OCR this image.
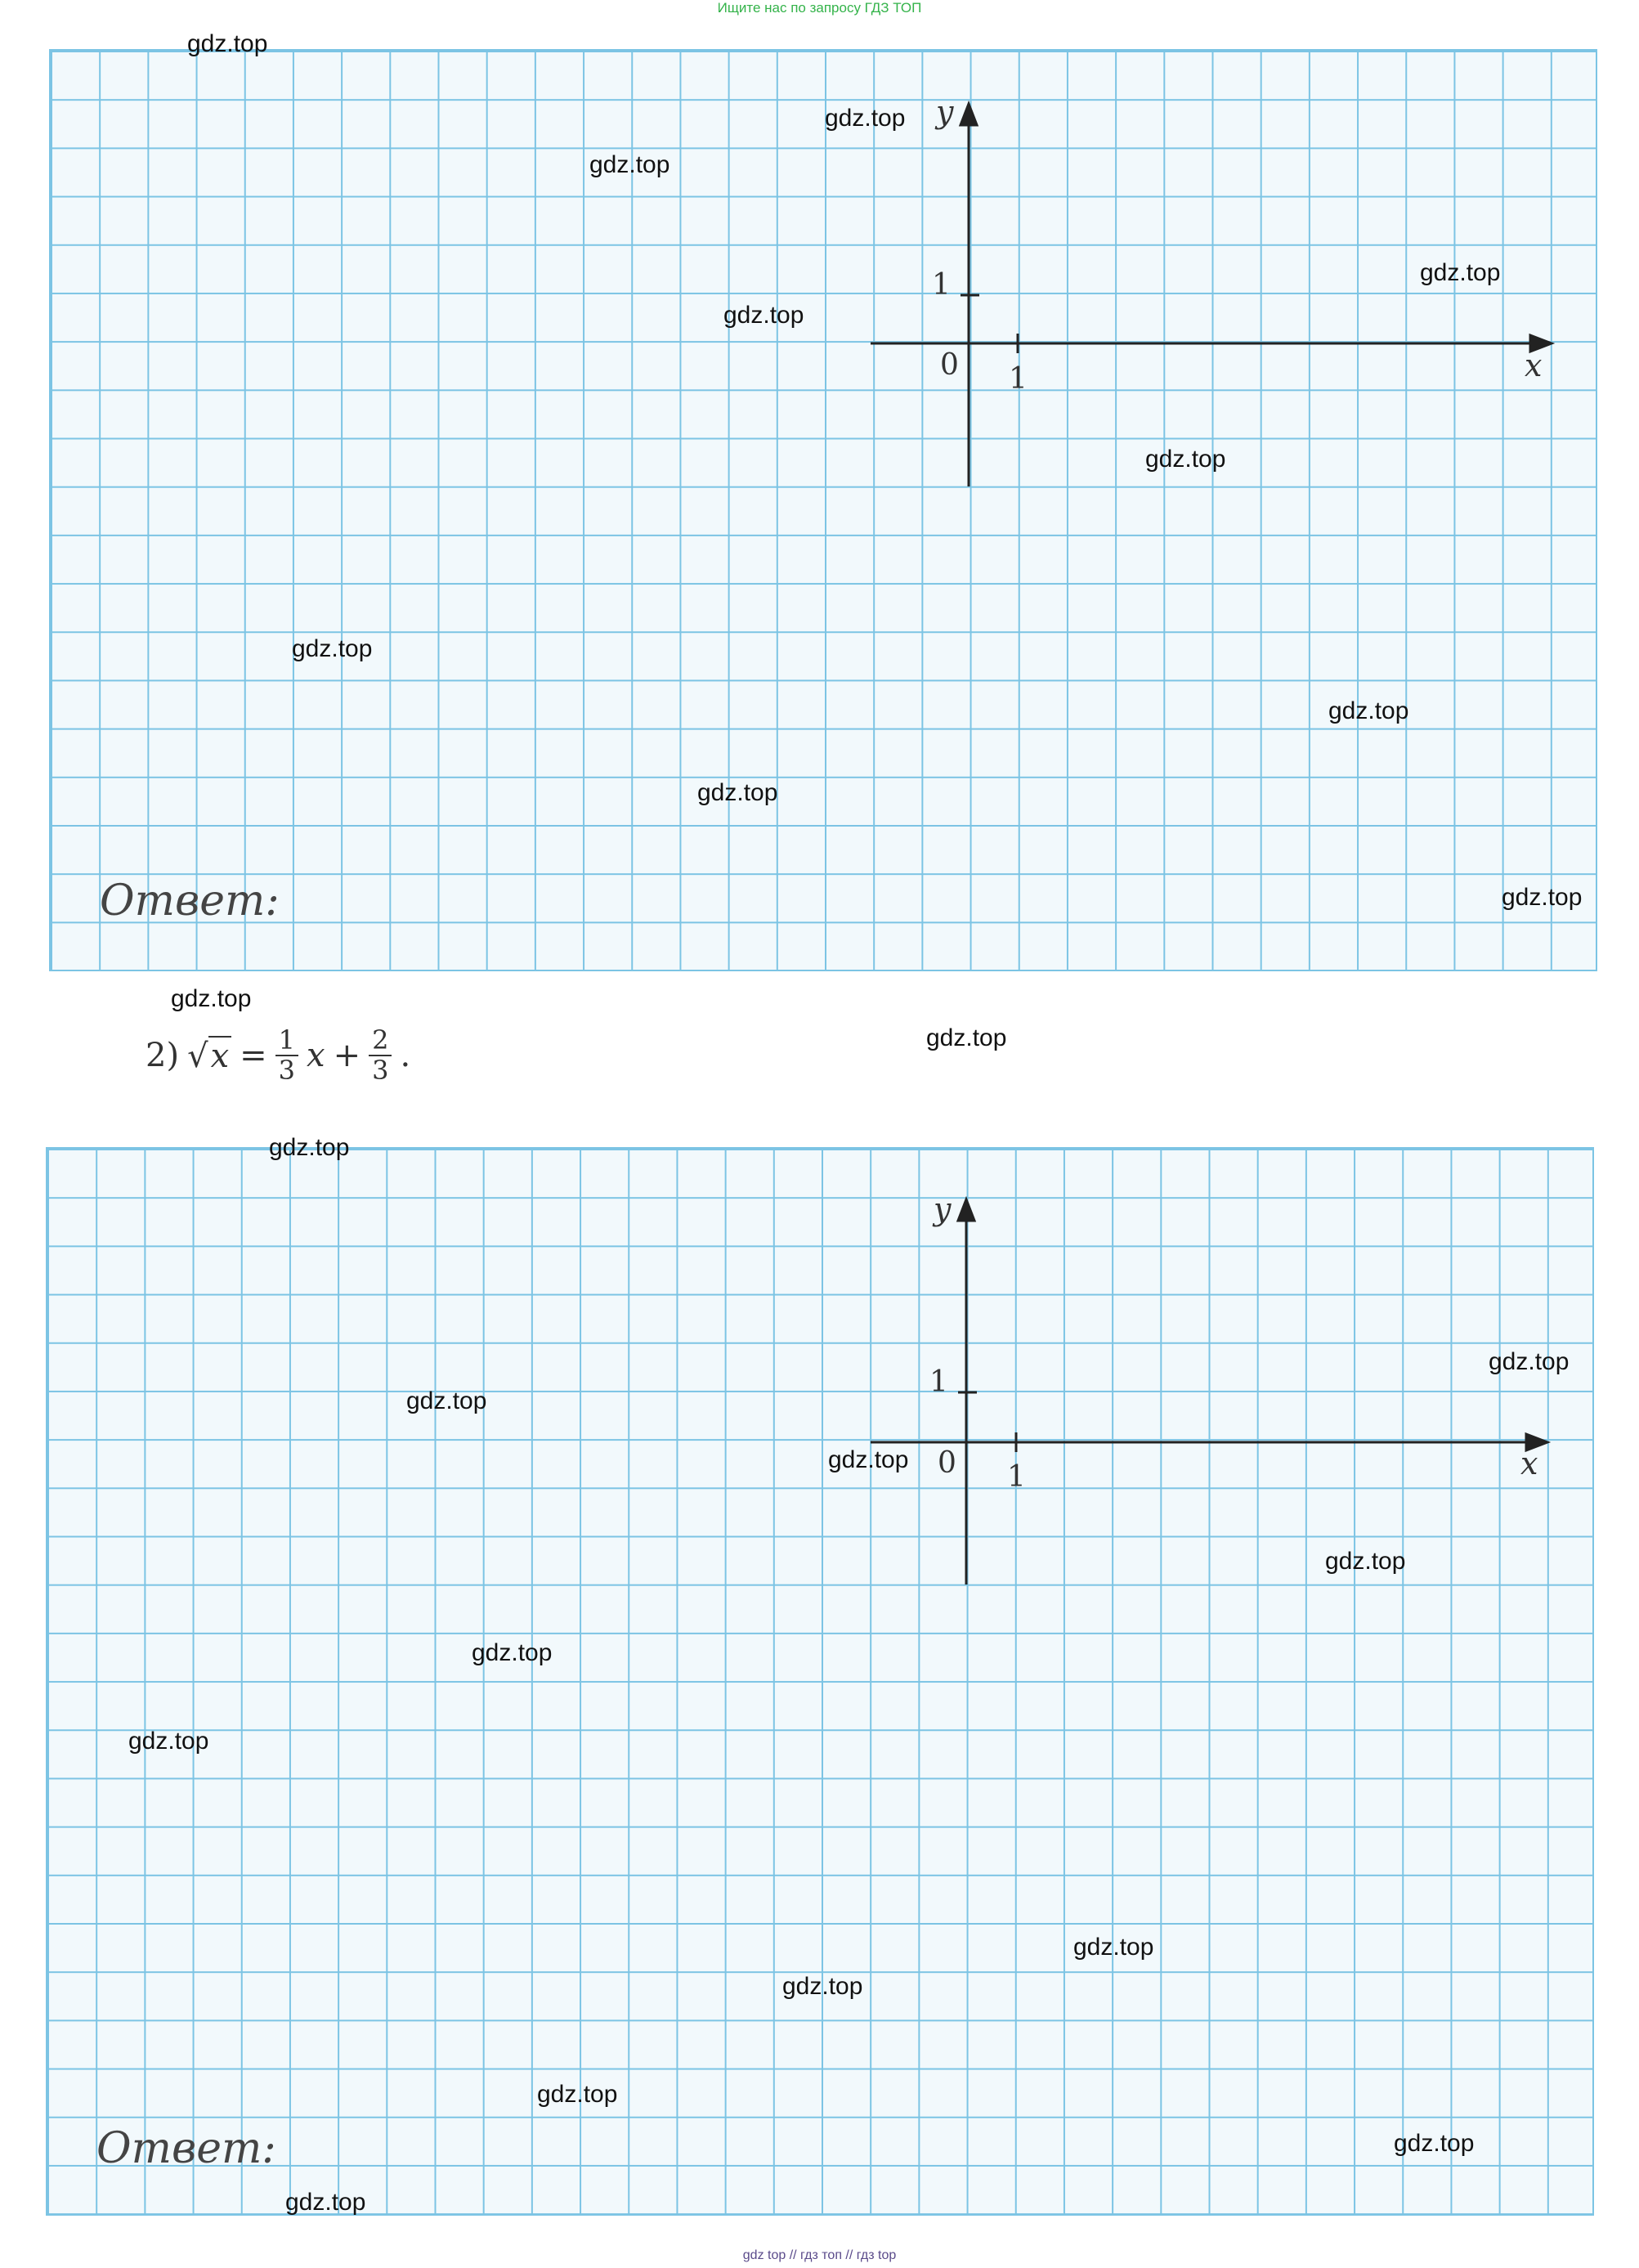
Ищите нас по запросу ГДЗ ТОП
y
x
0
1
1
Ответ:
2) √ $x = \frac{1}{3}$ $x + \frac{2}{3}$ .
y
x
0
1
1
Ответ:
gdz.top
gdz.top
gdz.top
gdz.top
gdz.top
gdz.top
gdz.top
gdz.top
gdz.top
gdz.top
gdz.top
gdz.top
gdz.top
gdz.top
gdz.top
gdz.top
gdz.top
gdz.top
gdz.top
gdz.top
gdz.top
gdz.top
gdz.top
gdz.top
gdz top // гдз топ // гдз top
